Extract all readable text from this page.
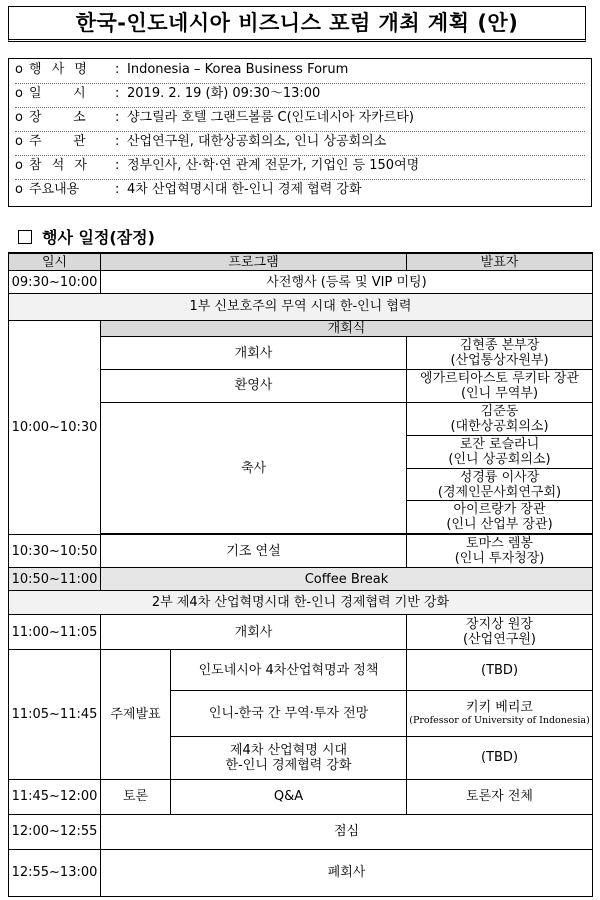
한국-인도네시아 비즈니스 포럼 개최 계획 (안)
o 행 사 명 : Indonesia – Korea Business Forum
o 일    시 : 2019. 2. 19 (화) 09:30～13:00
o 장    소 : 샹그릴라 호텔 그랜드볼룸 C(인도네시아 자카르타)
o 주    관 : 산업연구원, 대한상공회의소, 인니 상공회의소
o 참 석 자 : 정부인사, 산·학·연 관계 전문가, 기업인 등 150여명
o 주요내용	: 4차 산업혁명시대 한-인니 경제 협력 강화
행사 일정(잠정)
일시	프로그램		발표자
09:30~10:00	사전행사 (등록 및 VIP 미팅)		
1부 신보호주의 무역 시대 한-인니 협력			
10:00~10:30	개회식		
	개회사		김현종 본부장
(산업통상자원부)

	환영사		엥가르티아스토 루키타 장관
(인니 무역부)

	축사		김준동
(대한상공회의소)

			로잔 로슬라니
(인니 상공회의소)

			성경륭 이사장
(경제인문사회연구회)

			아이르랑가 장관
(인니 산업부 장관)

10:30~10:50	기조 연설		토마스 렘봉
(인니 투자청장)

10:50~11:00	Coffee Break		
2부 제4차 산업혁명시대 한-인니 경제협력 기반 강화			
11:00~11:05	개회사		장지상 원장
(산업연구원)

11:05~11:45	주제발표	인도네시아 4차산업혁명과 정책	(TBD)

		인니-한국 간 무역·투자 전망	키키 베리코
(Professor of University of Indonesia)

		제4차 산업혁명 시대
한-인니 경제협력 강화	(TBD)

11:45~12:00	토론	Q&A	토론자 전체
12:00~12:55	점심		
12:55~13:00	폐회사		
